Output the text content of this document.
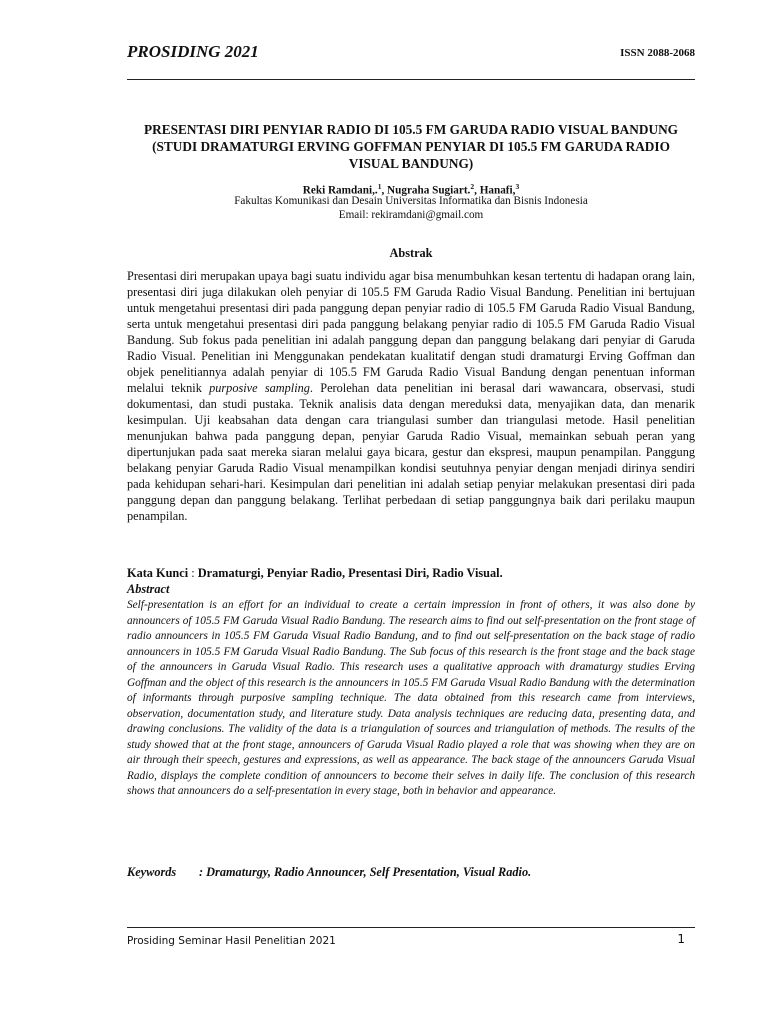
PROSIDING 2021	ISSN 2088-2068
PRESENTASI DIRI PENYIAR RADIO DI 105.5 FM GARUDA RADIO VISUAL BANDUNG (STUDI DRAMATURGI ERVING GOFFMAN PENYIAR DI 105.5 FM GARUDA RADIO VISUAL BANDUNG)
Reki Ramdani,.$^1$, Nugraha Sugiart.$^2$, Hanafi,$^3$
Fakultas Komunikasi dan Desain Universitas Informatika dan Bisnis Indonesia
Email: rekiramdani@gmail.com
Abstrak
Presentasi diri merupakan upaya bagi suatu individu agar bisa menumbuhkan kesan tertentu di hadapan orang lain, presentasi diri juga dilakukan oleh penyiar di 105.5 FM Garuda Radio Visual Bandung. Penelitian ini bertujuan untuk mengetahui presentasi diri pada panggung depan penyiar radio di 105.5 FM Garuda Radio Visual Bandung, serta untuk mengetahui presentasi diri pada panggung belakang penyiar radio di 105.5 FM Garuda Radio Visual Bandung. Sub fokus pada penelitian ini adalah panggung depan dan panggung belakang dari penyiar di Garuda Radio Visual. Penelitian ini Menggunakan pendekatan kualitatif dengan studi dramaturgi Erving Goffman dan objek penelitiannya adalah penyiar di 105.5 FM Garuda Radio Visual Bandung dengan penentuan informan melalui teknik purposive sampling. Perolehan data penelitian ini berasal dari wawancara, observasi, studi dokumentasi, dan studi pustaka. Teknik analisis data dengan mereduksi data, menyajikan data, dan menarik kesimpulan. Uji keabsahan data dengan cara triangulasi sumber dan triangulasi metode. Hasil penelitian menunjukan bahwa pada panggung depan, penyiar Garuda Radio Visual, memainkan sebuah peran yang dipertunjukan pada saat mereka siaran melalui gaya bicara, gestur dan ekspresi, maupun penampilan. Panggung belakang penyiar Garuda Radio Visual menampilkan kondisi seutuhnya penyiar dengan menjadi dirinya sendiri pada kehidupan sehari-hari. Kesimpulan dari penelitian ini adalah setiap penyiar melakukan presentasi diri pada panggung depan dan panggung belakang. Terlihat perbedaan di setiap panggungnya baik dari perilaku maupun penampilan.
Kata Kunci : Dramaturgi, Penyiar Radio, Presentasi Diri, Radio Visual.
Abstract
Self-presentation is an effort for an individual to create a certain impression in front of others, it was also done by announcers of 105.5 FM Garuda Visual Radio Bandung. The research aims to find out self-presentation on the front stage of radio announcers in 105.5 FM Garuda Visual Radio Bandung, and to find out self-presentation on the back stage of radio announcers in 105.5 FM Garuda Visual Radio Bandung. The Sub focus of this research is the front stage and the back stage of the announcers in Garuda Visual Radio. This research uses a qualitative approach with dramaturgy studies Erving Goffman and the object of this research is the announcers in 105.5 FM Garuda Visual Radio Bandung with the determination of informants through purposive sampling technique. The data obtained from this research came from interviews, observation, documentation study, and literature study. Data analysis techniques are reducing data, presenting data, and drawing conclusions. The validity of the data is a triangulation of sources and triangulation of methods. The results of the study showed that at the front stage, announcers of Garuda Visual Radio played a role that was showing when they are on air through their speech, gestures and expressions, as well as appearance. The back stage of the announcers Garuda Visual Radio, displays the complete condition of announcers to become their selves in daily life. The conclusion of this research shows that announcers do a self-presentation in every stage, both in behavior and appearance.
Keywords : Dramaturgy, Radio Announcer, Self Presentation, Visual Radio.
Prosiding Seminar Hasil Penelitian 2021	1
